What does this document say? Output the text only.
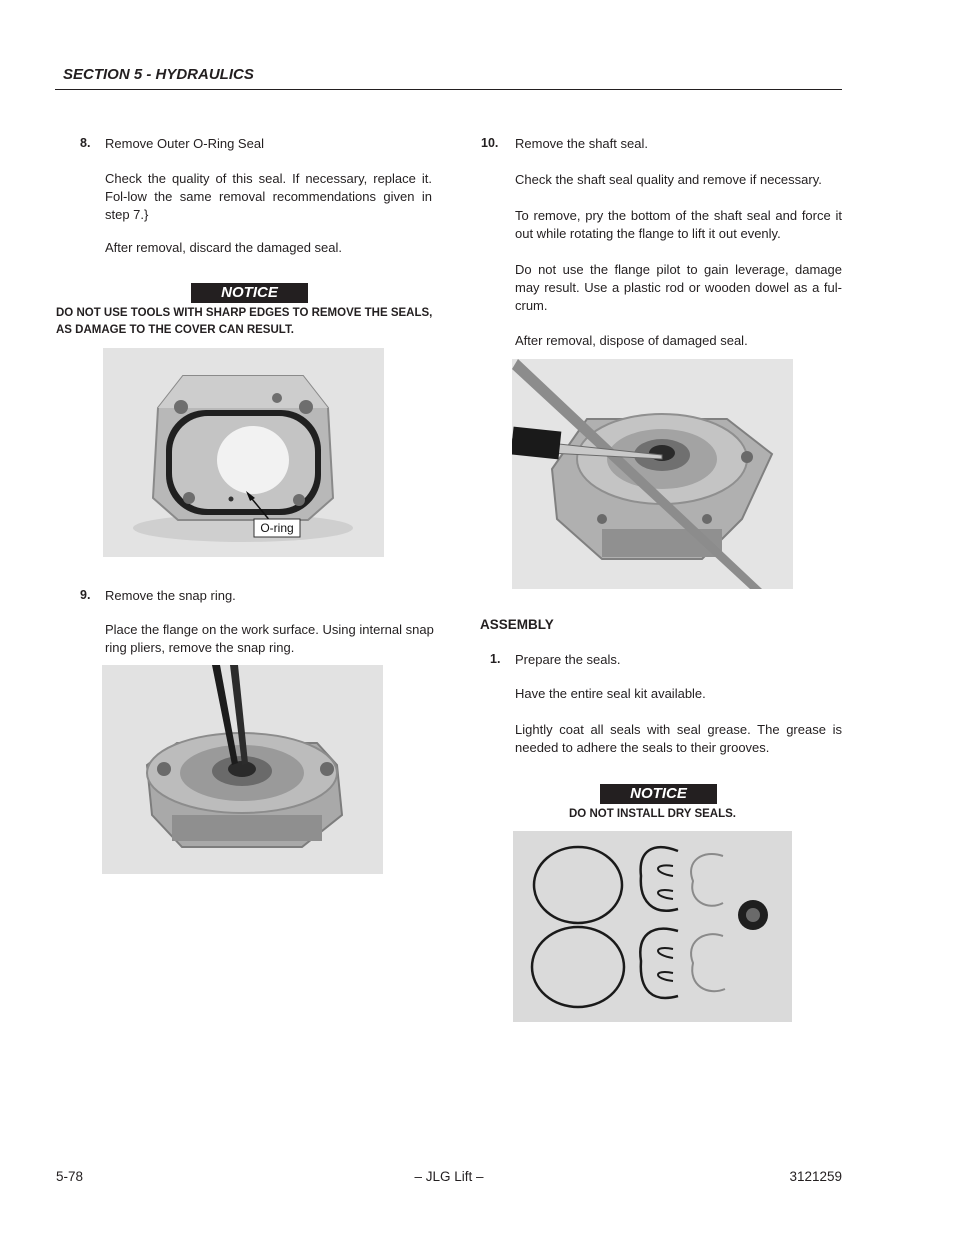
SECTION 5 - HYDRAULICS
8. Remove Outer O-Ring Seal
Check the quality of this seal. If necessary, replace it. Fol-low the same removal recommendations given in step 7.}
After removal, discard the damaged seal.
NOTICE
DO NOT USE TOOLS WITH SHARP EDGES TO REMOVE THE SEALS, AS DAMAGE TO THE COVER CAN RESULT.
O-ring
9. Remove the snap ring.
Place the flange on the work surface. Using internal snap ring pliers, remove the snap ring.
10. Remove the shaft seal.
Check the shaft seal quality and remove if necessary.
To remove, pry the bottom of the shaft seal and force it out while rotating the flange to lift it out evenly.
Do not use the flange pilot to gain leverage, damage may result. Use a plastic rod or wooden dowel as a ful-crum.
After removal, dispose of damaged seal.
ASSEMBLY
1. Prepare the seals.
Have the entire seal kit available.
Lightly coat all seals with seal grease. The grease is needed to adhere the seals to their grooves.
NOTICE
DO NOT INSTALL DRY SEALS.
5-78	– JLG Lift –	3121259
